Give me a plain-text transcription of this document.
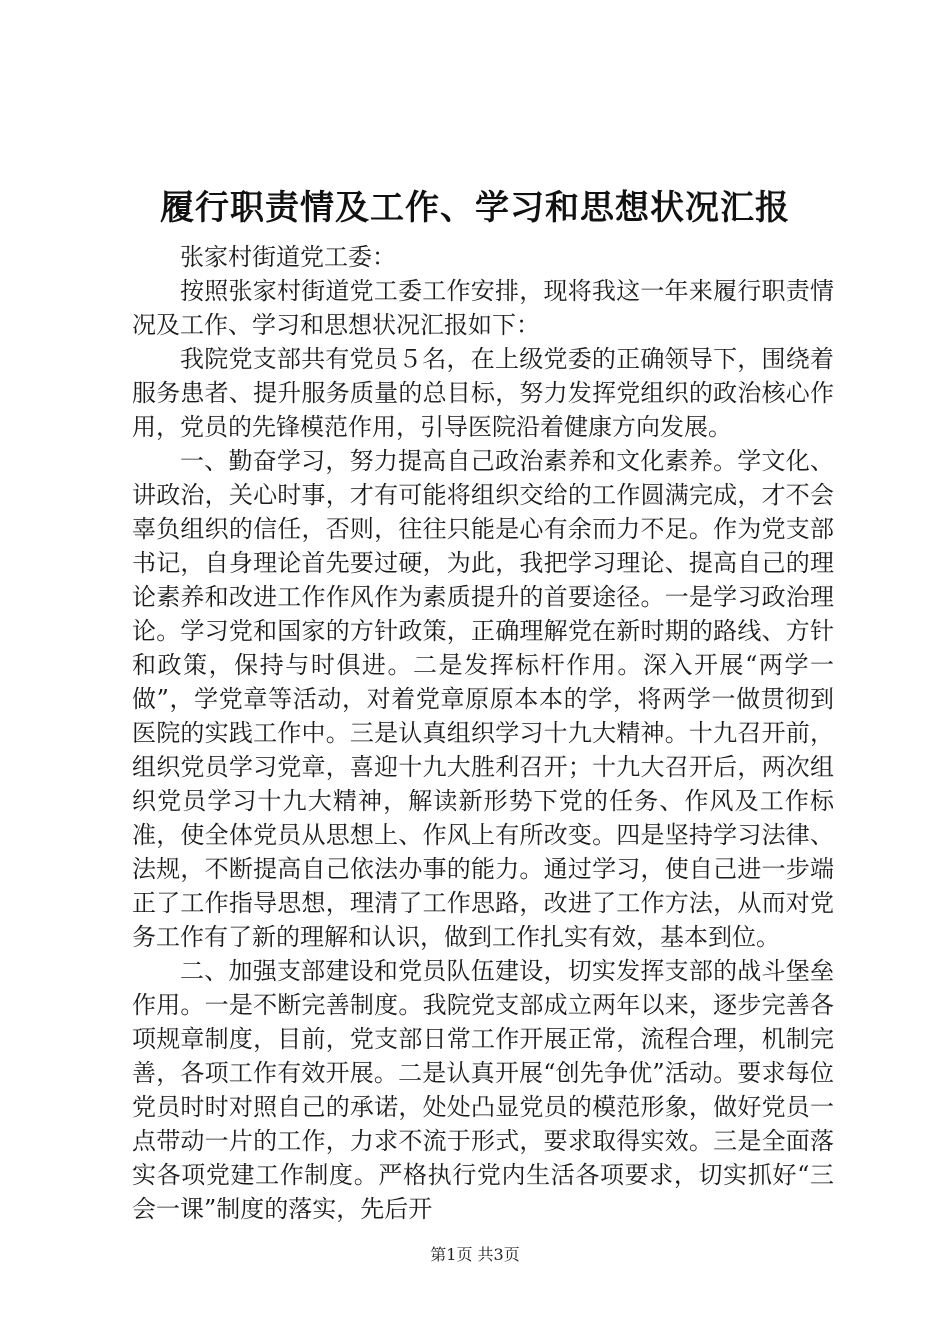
履行职责情及工作、学习和思想状况汇报

张家村街道党工委：

按照张家村街道党工委工作安排，现将我这一年来履行职责情况及工作、学习和思想状况汇报如下：

我院党支部共有党员５名，在上级党委的正确领导下，围绕着服务患者、提升服务质量的总目标，努力发挥党组织的政治核心作用，党员的先锋模范作用，引导医院沿着健康方向发展。

一、勤奋学习，努力提高自己政治素养和文化素养。学文化、讲政治，关心时事，才有可能将组织交给的工作圆满完成，才不会辜负组织的信任，否则，往往只能是心有余而力不足。作为党支部书记，自身理论首先要过硬，为此，我把学习理论、提高自己的理论素养和改进工作作风作为素质提升的首要途径。一是学习政治理论。学习党和国家的方针政策，正确理解党在新时期的路线、方针和政策，保持与时俱进。二是发挥标杆作用。深入开展“两学一做”，学党章等活动，对着党章原原本本的学，将两学一做贯彻到医院的实践工作中。三是认真组织学习十九大精神。十九召开前，组织党员学习党章，喜迎十九大胜利召开；十九大召开后，两次组织党员学习十九大精神，解读新形势下党的任务、作风及工作标准，使全体党员从思想上、作风上有所改变。四是坚持学习法律、法规，不断提高自己依法办事的能力。通过学习，使自己进一步端正了工作指导思想，理清了工作思路，改进了工作方法，从而对党务工作有了新的理解和认识，做到工作扎实有效，基本到位。

二、加强支部建设和党员队伍建设，切实发挥支部的战斗堡垒作用。一是不断完善制度。我院党支部成立两年以来，逐步完善各项规章制度，目前，党支部日常工作开展正常，流程合理，机制完善，各项工作有效开展。二是认真开展“创先争优”活动。要求每位党员时时对照自己的承诺，处处凸显党员的模范形象，做好党员一点带动一片的工作，力求不流于形式，要求取得实效。三是全面落实各项党建工作制度。严格执行党内生活各项要求，切实抓好“三会一课”制度的落实，先后开

第1页 共3页
